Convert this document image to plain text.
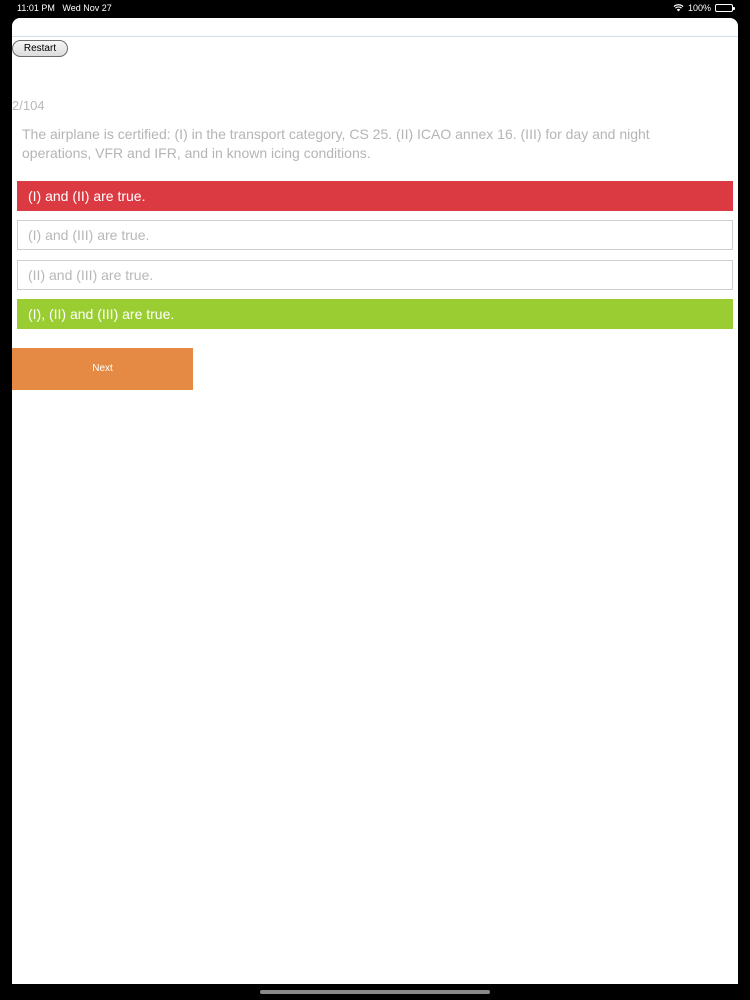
11:01 PM Wed Nov 27	100%
Restart
2/104
The airplane is certified: (I) in the transport category, CS 25. (II) ICAO annex 16. (III) for day and night operations, VFR and IFR, and in known icing conditions.
(I) and (II) are true.
(I) and (III) are true.
(II) and (III) are true.
(I), (II) and (III) are true.
Next
